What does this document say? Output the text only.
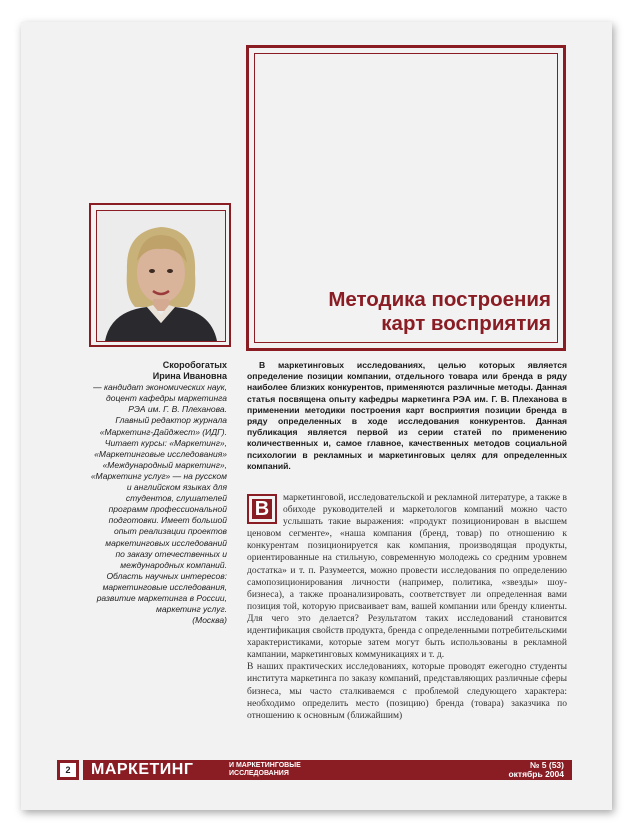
Методика построения
карт восприятия
Скоробогатых
Ирина Ивановна
— кандидат экономических наук,
доцент кафедры маркетинга
РЭА им. Г. В. Плеханова.
Главный редактор журнала
«Маркетинг-Дайджест» (ИДГ).
Читает курсы: «Маркетинг»,
«Маркетинговые исследования»
«Международный маркетинг»,
«Маркетинг услуг» — на русском
и английском языках для
студентов, слушателей
программ профессиональной
подготовки. Имеет большой
опыт реализации проектов
маркетинговых исследований
по заказу отечественных и
международных компаний.
Область научных интересов:
маркетинговые исследования,
развитие маркетинга в России,
маркетинг услуг.
(Москва)
В маркетинговых исследованиях, целью которых является определение позиции компании, отдельного товара или бренда в ряду наиболее близких конкурентов, применяются различные методы. Данная статья посвящена опыту кафедры маркетинга РЭА им. Г. В. Плеханова в применении методики построения карт восприятия позиции бренда в ряду определенных в ходе исследования конкурентов. Данная публикация является первой из серии статей по применению количественных и, самое главное, качественных методов социальной психологии в рекламных и маркетинговых целях для определенных компаний.
В	маркетинговой, исследовательской и рекламной литературе, а также в обиходе руководителей и маркетологов компаний можно часто услышать такие выражения: «продукт позиционирован в высшем ценовом сегменте», «наша компания (бренд, товар) по отношению к конкурентам позиционируется как компания, производящая продукты, ориентированные на стильную, современную молодежь со средним уровнем достатка» и т. п. Разумеется, можно провести исследования по определению самопозиционирования личности (например, политика, «звезды» шоу-бизнеса), а также проанализировать, соответствует ли определенная вами позиция той, которую присваивает вам, вашей компании или бренду клиенты. Для чего это делается? Результатом таких исследований становится идентификация свойств продукта, бренда с определенными потребительскими характеристиками, которые затем могут быть использованы в рекламной кампании, маркетинговых коммуникациях и т. д.

В наших практических исследованиях, которые проводят ежегодно студенты института маркетинга по заказу компаний, представляющих различные сферы бизнеса, мы часто сталкиваемся с проблемой следующего характера: необходимо определить место (позицию) бренда (товара) заказчика по отношению к основным (ближайшим)

2	МАРКЕТИНГ	И МАРКЕТИНГОВЫЕ
ИССЛЕДОВАНИЯ
№ 5 (53)
октябрь 2004
